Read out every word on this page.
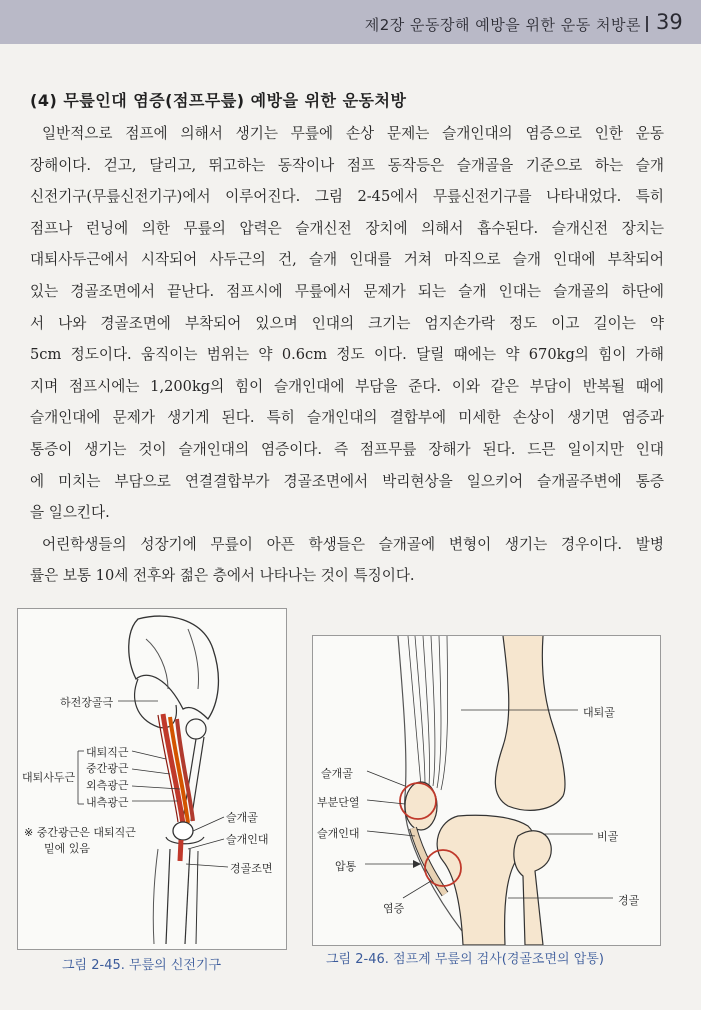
제2장 운동장해 예방을 위한 운동 처방론 39
(4) 무릎인대 염증(점프무릎) 예방을 위한 운동처방
일반적으로 점프에 의해서 생기는 무릎에 손상 문제는 슬개인대의 염증으로 인한 운동
장해이다. 걷고, 달리고, 뛰고하는 동작이나 점프 동작등은 슬개골을 기준으로 하는 슬개
신전기구(무릎신전기구)에서 이루어진다. 그림 2-45에서 무릎신전기구를 나타내었다. 특히
점프나 런닝에 의한 무릎의 압력은 슬개신전 장치에 의해서 흡수된다. 슬개신전 장치는
대퇴사두근에서 시작되어 사두근의 건, 슬개 인대를 거쳐 마직으로 슬개 인대에 부착되어
있는 경골조면에서 끝난다. 점프시에 무릎에서 문제가 되는 슬개 인대는 슬개골의 하단에
서 나와 경골조면에 부착되어 있으며 인대의 크기는 엄지손가락 정도 이고 길이는 약
5cm 정도이다. 움직이는 범위는 약 0.6cm 정도 이다. 달릴 때에는 약 670kg의 힘이 가해
지며 점프시에는 1,200kg의 힘이 슬개인대에 부담을 준다. 이와 같은 부담이 반복될 때에
슬개인대에 문제가 생기게 된다. 특히 슬개인대의 결합부에 미세한 손상이 생기면 염증과
통증이 생기는 것이 슬개인대의 염증이다. 즉 점프무릎 장해가 된다. 드믄 일이지만 인대
에 미치는 부담으로 연결결합부가 경골조면에서 박리현상을 일으키어 슬개골주변에 통증
을 일으킨다.
어린학생들의 성장기에 무릎이 아픈 학생들은 슬개골에 변형이 생기는 경우이다. 발병
률은 보통 10세 전후와 젊은 층에서 나타나는 것이 특징이다.
하전장골극
대퇴사두근
대퇴직근
중간광근
외측광근
내측광근
슬개골
슬개인대
경골조면
※ 중간광근은 대퇴직근
밑에 있음
그림 2-45. 무릎의 신전기구
대퇴골
슬개골
부분단열
슬개인대
압통
비골
염증
경골
그림 2-46. 점프계 무릎의 검사(경골조면의 압통)
